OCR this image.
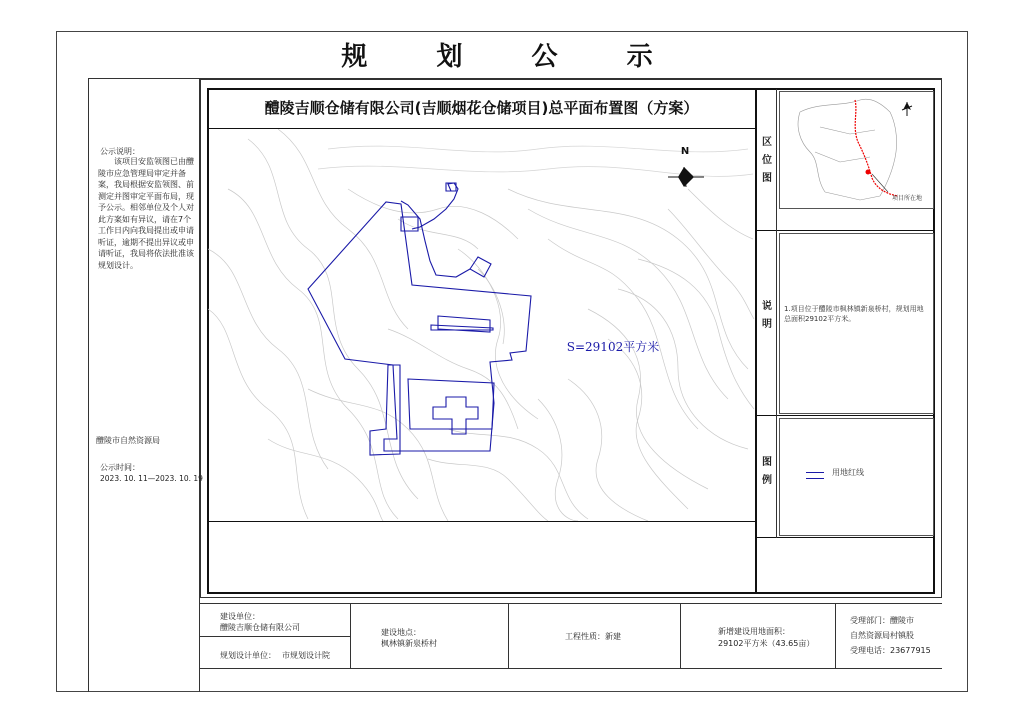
规 划 公 示
公示说明：
该项目安监领图已由醴陵市应急管理局审定并备案，我局根据安监领图、前测定并图审定平面布局，现予公示。相邻单位及个人对此方案如有异议，请在7个工作日内向我局提出或申请听证，逾期不提出异议或申请听证，我局将依法批准该规划设计。
醴陵市自然资源局
公示时间：
2023. 10. 11—2023. 10. 19
醴陵吉顺仓储有限公司(吉顺烟花仓储项目)总平面布置图（方案）
N
S=29102平方米
区位图
项目所在地
说明
1.项目位于醴陵市枫林镇新泉桥村，规划用地总面积29102平方米。
图例
用地红线
建设单位：
醴陵吉顺仓储有限公司
规划设计单位： 市规划设计院
建设地点：
枫林镇新泉桥村
工程性质：新建
新增建设用地面积：
29102平方米（43.65亩）
受理部门：醴陵市
自然资源局村镇股
受理电话：23677915
